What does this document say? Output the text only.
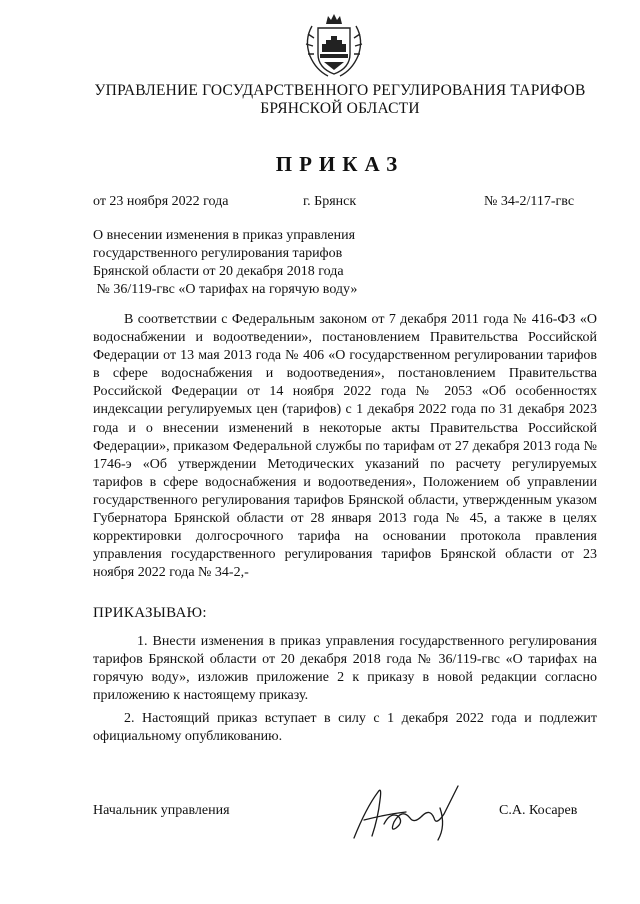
УПРАВЛЕНИЕ ГОСУДАРСТВЕННОГО РЕГУЛИРОВАНИЯ ТАРИФОВ
БРЯНСКОЙ ОБЛАСТИ
ПРИКАЗ
от 23 ноября 2022 года	г. Брянск	№ 34-2/117-гвс
О внесении изменения в приказ управления
государственного регулирования тарифов
Брянской области от 20 декабря 2018 года
№ 36/119-гвс «О тарифах на горячую воду»
В соответствии с Федеральным законом от 7 декабря 2011 года № 416-ФЗ «О водоснабжении и водоотведении», постановлением Правительства Российской Федерации от 13 мая 2013 года № 406 «О государственном регулировании тарифов в сфере водоснабжения и водоотведения», постановлением Правительства Российской Федерации от 14 ноября 2022 года № 2053 «Об особенностях индексации регулируемых цен (тарифов) с 1 декабря 2022 года по 31 декабря 2023 года и о внесении изменений в некоторые акты Правительства Российской Федерации», приказом Федеральной службы по тарифам от 27 декабря 2013 года № 1746-э «Об утверждении Методических указаний по расчету регулируемых тарифов в сфере водоснабжения и водоотведения», Положением об управлении государственного регулирования тарифов Брянской области, утвержденным указом Губернатора Брянской области от 28 января 2013 года № 45, а также в целях корректировки долгосрочного тарифа на основании протокола правления управления государственного регулирования тарифов Брянской области от 23 ноября 2022 года № 34-2,-
ПРИКАЗЫВАЮ:
1. Внести изменения в приказ управления государственного регулирования тарифов Брянской области от 20 декабря 2018 года № 36/119-гвс «О тарифах на горячую воду», изложив приложение 2 к приказу в новой редакции согласно приложению к настоящему приказу.
2. Настоящий приказ вступает в силу с 1 декабря 2022 года и подлежит официальному опубликованию.
Начальник управления	С.А. Косарев
